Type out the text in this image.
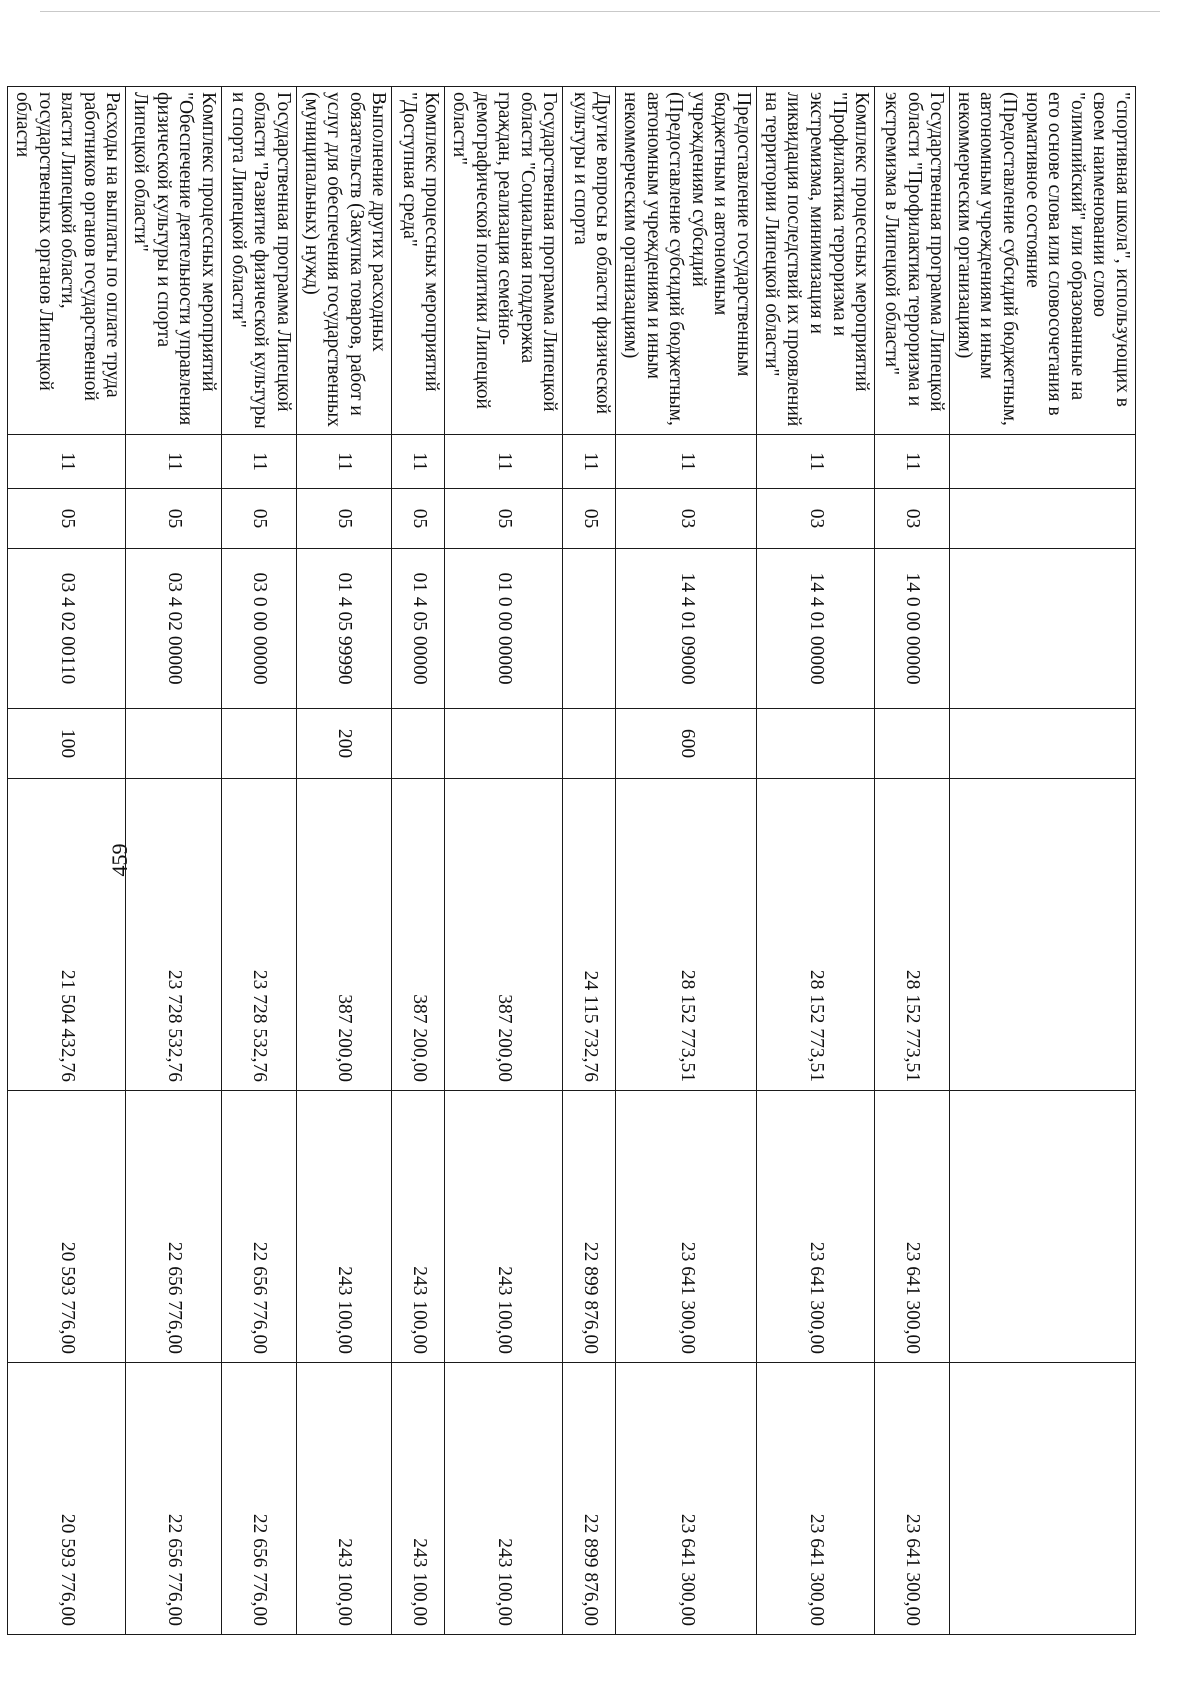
459
"спортивная школа", использующих в своем наименовании слово "олимпийский" или образованные на его основе слова или словосочетания в нормативное состояние (Предоставление субсидий бюджетным, автономным учреждениям и иным некоммерческим организациям)							
Государственная программа Липецкой области "Профилактика терроризма и экстремизма в Липецкой области"	11	03	14 0 00 00000		28 152 773,51	23 641 300,00	23 641 300,00
Комплекс процессных мероприятий "Профилактика терроризма и экстремизма, минимизация и ликвидация последствий их проявлений на территории Липецкой области"	11	03	14 4 01 00000		28 152 773,51	23 641 300,00	23 641 300,00
Предоставление государственным бюджетным и автономным учреждениям субсидий (Предоставление субсидий бюджетным, автономным учреждениям и иным некоммерческим организациям)	11	03	14 4 01 09000	600	28 152 773,51	23 641 300,00	23 641 300,00
Другие вопросы в области физической культуры и спорта	11	05			24 115 732,76	22 899 876,00	22 899 876,00
Государственная программа Липецкой области "Социальная поддержка граждан, реализация семейно-демографической политики Липецкой области"	11	05	01 0 00 00000		387 200,00	243 100,00	243 100,00
Комплекс процессных мероприятий "Доступная среда"	11	05	01 4 05 00000		387 200,00	243 100,00	243 100,00
Выполнение других расходных обязательств (Закупка товаров, работ и услуг для обеспечения государственных (муниципальных) нужд)	11	05	01 4 05 99990	200	387 200,00	243 100,00	243 100,00
Государственная программа Липецкой области "Развитие физической культуры и спорта Липецкой области"	11	05	03 0 00 00000		23 728 532,76	22 656 776,00	22 656 776,00
Комплекс процессных мероприятий "Обеспечение деятельности управления физической культуры и спорта Липецкой области"	11	05	03 4 02 00000		23 728 532,76	22 656 776,00	22 656 776,00
Расходы на выплаты по оплате труда работников органов государственной власти Липецкой области, государственных органов Липецкой области	11	05	03 4 02 00110	100	21 504 432,76	20 593 776,00	20 593 776,00
